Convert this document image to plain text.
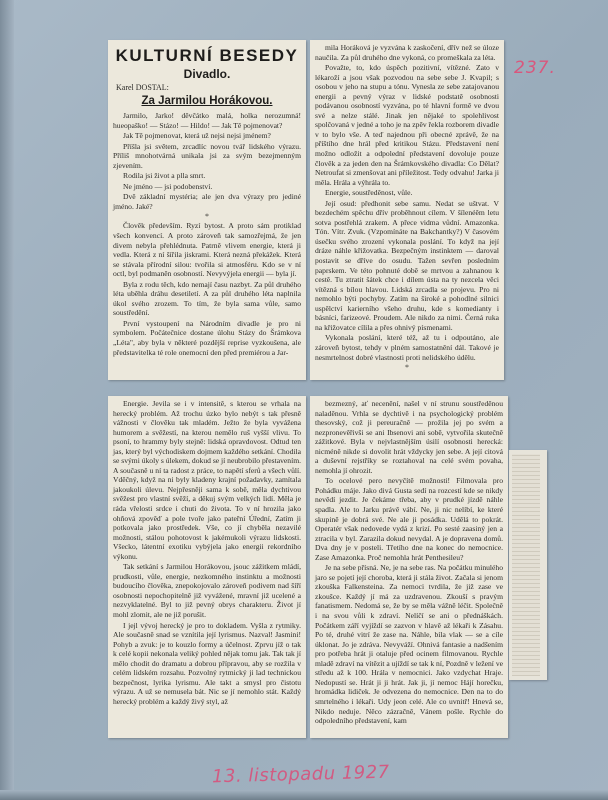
237.
KULTURNÍ BESEDY
Divadlo.
Karel DOSTAL:
Za Jarmilou Horákovou.

Jarmilo, Jarko! děvčátko malá, holka nerozumná! hueopaško! — Stázo! — Hildo! — Jak Tě pojmenovat?

Jak Tě pojmenovat, která už nejsi nejsi jménem?

Příšla jsi světem, zrcadlíc novou tvář lidského výrazu. Příliš mnohotvárná unikala jsi za svým bezejmenným zjevením.

Rodila jsi život a plla smrt.

Ne jméno — jsi podobenství.

Dvě základní mystéria; ale jen dva výrazy pro jediné jméno. Jaké?

*

Člověk především. Ryzí bytost. A proto sám protiklad všech konvencí. A proto zároveň tak samozřejmá, že jen divem nebyla přehlédnuta. Patrně vlivem energie, která ji vedla. Která z ní šířila jiskrami. Která nezná překážek. Která se stávala přírodní silou: tvořila si atmosféru. Kdo se v ní octl, byl podmaněn osobností. Nevyvýjela energii — byla jí.

Byla z rodu těch, kdo nemají času nazbyt. Za půl druhého léta uběhla dráhu desetiletí. A za půl druhého léta naplnila úkol svého zrozem. To tím, že byla sama vůle, samo soustředění.

První vystoupení na Národním divadle je pro ni symbolem. Počátečnice dostane úlohu Stázy do Šrámkova „Léta", aby byla v některé pozdější reprise vyzkoušena, ale představitelka té role onemocní den před premiérou a Jar-

mila Horáková je vyzvána k zaskočení, dřív než se úloze naučila. Za půl druhého dne vykoná, co promeškala za léta.

Považte, to, kdo úspěch pozitivní, vítězné. Zato v lékaroží a jsou však pozvodou na sebe sebe J. Kvapil; s osobou v jeho na stupu a tónu. Vynesla ze sebe zatajovanou energii a pevný výraz v lidské podstatě osobnosti podávanou osobností vyzvána, po té hlavní formě ve dvou své a nelze stálé. Jinak jen nějaké to spolehlivost spolčovaná v jedné a toho je na zpěv řekla rozborem divadle v to bylo vše. A teď najednou při obecné zprávě, že na příštího dne hrál před kritikou Stázu. Představení není možno odložit a odpolední představení dovoluje pouze člověk a za jeden den na Šrámkovského divadla: Co Dělat? Netroufat si zmenšovat ani příležitost. Tedy odvahu! Jarka ji měla. Hrála a výhrála to.

Energie, soustředěnost, vůle.

Její osud: předhonit sebe samu. Nedat se uštvat. V bezdechém spěchu dřív proběhnout cílem. V šílenéěm letu sotva postřehlá zrakem. A přece vidma vůdní. Amazonka. Tón. Vítr. Zvuk. (Vzpomínáte na Bakchantky?) V časovém úsečku svého zrození vykonala poslání. To když na její dráze náhle křižovatka. Bezpečným instinktem — daroval postavit se dříve do osudu. Tažen sevřen posledním paprskem. Ve této pohnuté době se mrtvou a zahnanou k cestě. Tu ztratit šátek chce i dílem ústa na ty nezcela věci vítězná s bílou hlavou. Lidská zrcadla se projevu. Pro ni nemohlo býti pochyby. Zatím na široké a pohodlné silnici uspělctví karierního všeho druhu, kde s komedianty i básníci, farizeové. Proudem. Ale nikdo za nimi. Černá ruka na křižovatce cílila a přes ohnivý písmenami.

Vykonala poslání, které též, až tu i odpoutáno, ale zároveň bytost, tehdy v plném samostatnění dál. Takové je nesmrtelnost dobré vlastnosti proti nelidského údělu.

*

Energie. Jevila se i v intensitě, s kterou se vrhala na herecký problém. Až trochu úzko bylo nebýt s tak přesně vážnosti v člověku tak mladém. Ježto že byla vyvážena humorem a svěžestí, na kterou nemělo ruš vyšší vlivu. To psoní, to hrammy byly stejně: lidská opravdovost. Odtud ten jas, který byl východiskem dojmem každého setkání. Chodila se svými úkoly s úlekem, dokud se jí neubrobilo přestavením. A současně u ní ta radost z práce, to napětí sferů a všech vůlí. Vděčný, když na ni byly kladeny krajní požadavky, zamítala jakoukoli úlevu. Nejpřesněji sama k sobě, měla dychtivou svěžest pro vlastní svěží, a děkuj svým velkých lidí. Měla je ráda vřelosti srdce i chuti do života. To v ní hrozila jako ohňová zpověď a pole tvoře jako pateřní Úřední, Zatím ji potkovala jako prostředek. Vše, co jí chyběla nezavilé možnosti, stálou pohotovost k jakémukoli výrazu lidskosti. Všecko, látentní exotiku vybýjela jako energii rekordního výkonu.

Tak setkání s Jarmilou Horákovou, jsouc zážitkem mládí, prudkosti, vůle, energie, nezkomného instinktu a možnosti budoucího člověka, znepokojovalo zároveň podivem nad šíří osobnosti nepochopitelně již vyvážené, mravní již ucelené a nezvyklatelné. Byl to již pevný obrys charakteru. Život jí mohl zlomit, ale ne již porušit.

I jejl vývoj herecký je pro to dokladem. Vyšla z rytmiky. Ale současně snad se vznítila její lyrismus. Nazval! Jasmini! Pohyb a zvuk: je to kouzlo formy a účelnost. Zprvu jíž o tak k celé kopii nekonala veliký pohled nějak tomu jak. Tak tak jí mělo chodit do dramatu a dobrou přípravou, aby se rozžila v celém lidském rozsahu. Pozvolný rytmický ji lad technickou bezpečnost, lyrika lyrismu. Ale takt a smysl pro čistotu výrazu. A už se nemusela bát. Nic se jí nemohlo stát. Každý herecký problém a každý živý styl, až

bezmezný, ať necenění, našel v ní strunu soustředěnou naladěnou. Vrhla se dychtivě i na psychologický problém thesovský, což ji pereuračně — prožila jej po svém a nezpronevěřivši se ani Ibsenovi ani sobě, vytvořila skutečně zážitkové. Byla v nejvlastnějším úsilí osobnosti herecká: nicméně nikde si dovolit hrát vždycky jen sebe. A její citová a duševní rejstříky se roztahoval na celé svém povaha, nemohla jí ohrozit.

To ocelové pero nevyčítě možnosti! Filmovala pro Pohádku máje. Jako divá Gusta sedí na rozcestí kde se nikdy nevědí jezdit. Je čekáme třeba, aby v prudké jízdě náhle spadla. Ale to Jarku právě vábí. Ne, ji nic nelíbí, ke které skupině je dobrá své. Ne ale ji posádka. Udělá to pokrát. Operatér však nedovede vydá z krizí. Po sesté zaasiný jen a ztracila v byl. Zarazila dokud nevydal. A je dopravena domů. Dva dny je v posteli. Třetího dne na konec do nemocnice. Zase Amazonka. Proč nemohla hrát Penthesileu?

Je na sebe přísná. Ne, je na sebe ras. Na počátku minulého jaro se pojetí její choroba, která ji stála život. Začala si jenom zkouška Falkensteina. Za nemoci tvrdila, že již zase ve zkoušce. Každý jí má za uzdravenou. Zkouší s pravým fanatismem. Nedomá se, že by se měla vážně léčit. Společně i na svou vůli k zdraví. Nelíčí se ani o přednáškách. Počátkem září vyjíždí se zazvon v hlavě až lékaři k Zásahu. Po té, druhé vitrí že zase na. Náhle, bíla vlak — se a cíle úklonat. Jo je zdráva. Nevyváží. Ohnivá fantasie a nadšením pro potřeba hrát ji otaluje před ocinem filmovanou. Rychle mladě zdraví na vítězit a ujíždí se tak k ní, Pozdně v ležení ve středu až k 100. Hrála v nemocnici. Jako vzdychat Hraje. Nedopustí se. Hrát ji ji hrát. Jak ji, jí nemoc Hájí horečku, hromádka lidiček. Je odvezena do nemocnice. Den na to do smrtelného i lékaři. Udy jeon celé. Ale co uvnitř! Hnevá se, Nikdo neduje. Něco zázračně, Vánem pošle. Rychle do odpoledního představení, kam

13. listopadu 1927
